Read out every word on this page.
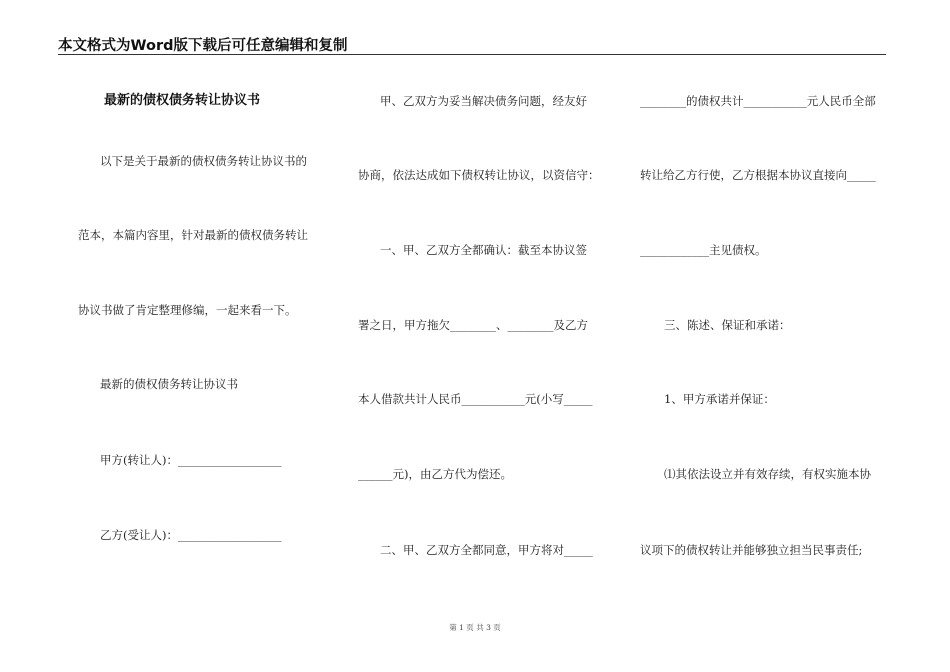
本文格式为Word版下载后可任意编辑和复制
最新的债权债务转让协议书
以下是关于最新的债权债务转让协议书的
范本，本篇内容里，针对最新的债权债务转让
协议书做了肯定整理修编，一起来看一下。
最新的债权债务转让协议书
甲方(转让人)：__________________
乙方(受让人)：__________________
甲、乙双方为妥当解决债务问题，经友好
协商，依法达成如下债权转让协议，以资信守：
一、甲、乙双方全都确认：截至本协议签
署之日，甲方拖欠________、________及乙方
本人借款共计人民币___________元(小写_____
______元)，由乙方代为偿还。
二、甲、乙双方全都同意，甲方将对_____
________的债权共计___________元人民币全部
转让给乙方行使，乙方根据本协议直接向_____
____________主见债权。
三、陈述、保证和承诺：
1、甲方承诺并保证：
⑴其依法设立并有效存续，有权实施本协
议项下的债权转让并能够独立担当民事责任;
第 1 页 共 3 页
